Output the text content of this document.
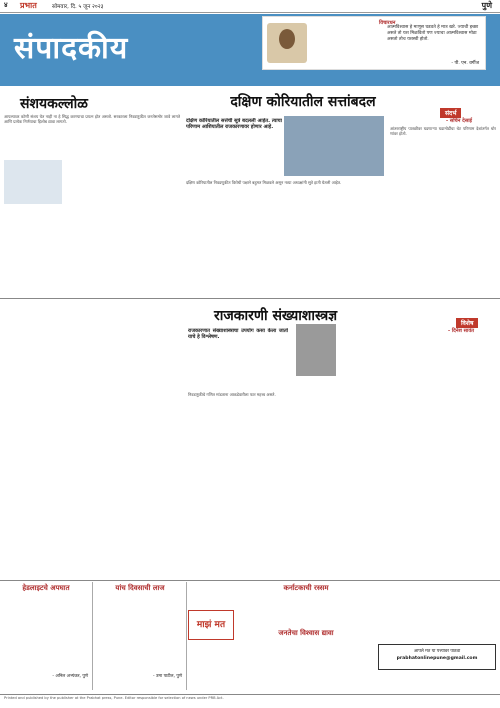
४ प्रभात	सोमवार, दि. ५ जून २०२३	पुणे
संपादकीय
विचारधन
आत्मविश्वास हे माणूस घडवते हे मात्र खरे. ज्याची इच्छा असते तो यश मिळवितो पण ज्याचा आत्मविश्वास मोठा असतो तोच यशस्वी होतो.
- पी. एन. वर्गीज
संशयकल्लोळ
आपल्यावर कोणी संशय घेत नाही ना हे सिद्ध करण्याचा प्रयत्न होत असतो. सरकारला निवडणुकीत जनतेसमोर जावे लागते आणि प्रत्येक निर्णयाचा हिशोब द्यावा लागतो.
दक्षिण कोरियातील सत्तांबदल
दक्षिण कोरियातील सत्तेची सूत्रे बदलली आहेत. त्याचा परिणाम आशियातील राजकारणावर होणार आहे.
दक्षिण कोरियातील निवडणुकीत विरोधी पक्षाने बहुमत मिळवले असून नव्या अध्यक्षांनी सूत्रे हाती घेतली आहेत.
संदर्भ
- सचिन देसाई
आंतरराष्ट्रीय पातळीवर घडणाऱ्या घडामोडींचा थेट परिणाम देशांतर्गत धोरणांवर होतो.
राजकारणी संख्याशास्त्रज्ञ
राजकारणात संख्याशास्त्राचा उपयोग कसा केला जातो याचे हे विश्लेषण.
निवडणुकीचे गणित मांडताना आकडेवारीला फार महत्त्व असते.
विशेष
- दिनेश सावंत
हेडलाइटचे अपघात
- अनिल अभ्यंकर, पुणे
यांच दिवसाची लाज
- उमा पाटील, पुणे
माझं मत
कर्नाटकाची रस्सम
जनतेचा विश्वास द्यावा
आपले मत या पत्त्यावर पाठवा
prabhatonlinepune@gmail.com
Printed and published by the publisher at the Prabhat press, Pune. Editor responsible for selection of news under PRB Act.
